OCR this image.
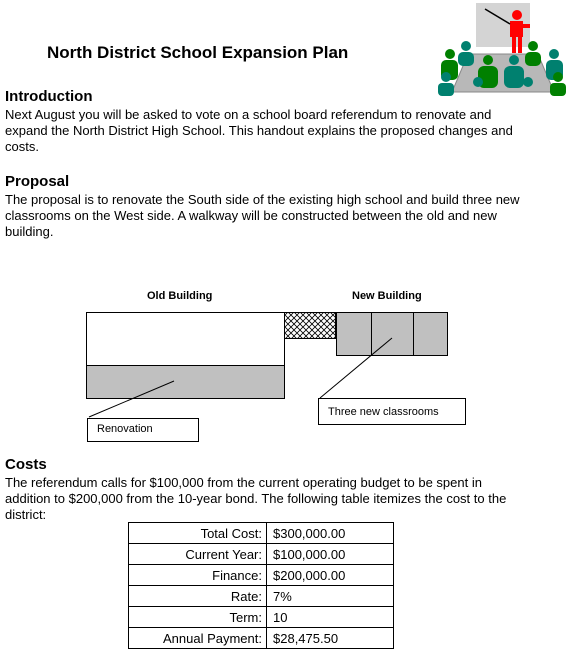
North District School Expansion Plan
Introduction

Next August you will be asked to vote on a school board referendum to renovate and expand the North District High School. This handout explains the proposed changes and costs.

Proposal

The proposal is to renovate the South side of the existing high school and build three new classrooms on the West side. A walkway will be constructed between the old and new building.

Old Building	New Building
Renovation
Three new classrooms
Costs

The referendum calls for $100,000 from the current operating budget to be spent in addition to $200,000 from the 10-year bond. The following table itemizes the cost to the district:

Total Cost:	$300,000.00
Current Year:	$100,000.00
Finance:	$200,000.00
Rate:	7%
Term:	10
Annual Payment:	$28,475.50
